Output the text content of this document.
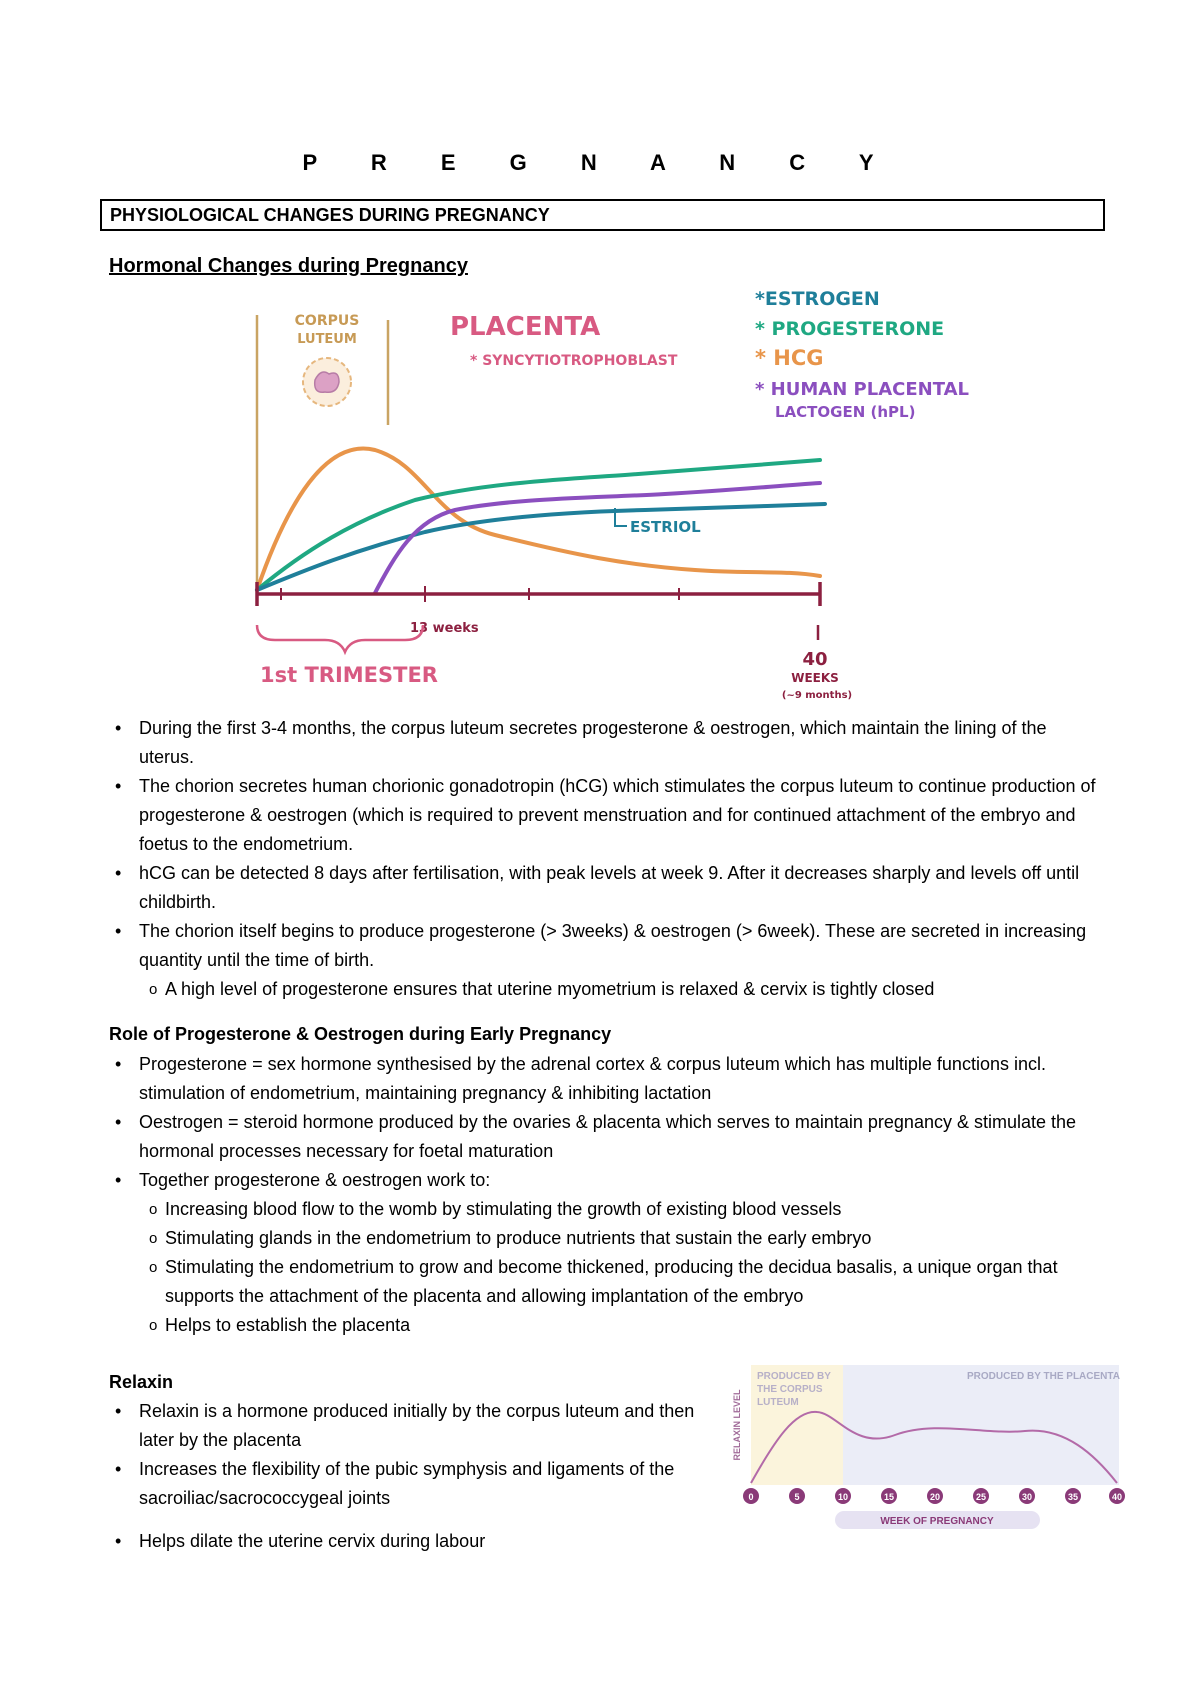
P R E G N A N C Y
PHYSIOLOGICAL CHANGES DURING PREGNANCY
Hormonal Changes during Pregnancy
CORPUS
LUTEUM	PLACENTA
* SYNCYTIOTROPHOBLAST
*ESTROGEN
* PROGESTERONE
* HCG
* HUMAN PLACENTAL
LACTOGEN (hPL)
ESTRIOL
13 weeks
1st TRIMESTER
40
WEEKS
(~9 months)
• During the first 3-4 months, the corpus luteum secretes progesterone & oestrogen, which maintain the lining of the uterus.
• The chorion secretes human chorionic gonadotropin (hCG) which stimulates the corpus luteum to continue production of progesterone & oestrogen (which is required to prevent menstruation and for continued attachment of the embryo and foetus to the endometrium.
• hCG can be detected 8 days after fertilisation, with peak levels at week 9. After it decreases sharply and levels off until childbirth.
• The chorion itself begins to produce progesterone (> 3weeks) & oestrogen (> 6week). These are secreted in increasing quantity until the time of birth.
o A high level of progesterone ensures that uterine myometrium is relaxed & cervix is tightly closed
Role of Progesterone & Oestrogen during Early Pregnancy
• Progesterone = sex hormone synthesised by the adrenal cortex & corpus luteum which has multiple functions incl. stimulation of endometrium, maintaining pregnancy & inhibiting lactation
• Oestrogen = steroid hormone produced by the ovaries & placenta which serves to maintain pregnancy & stimulate the hormonal processes necessary for foetal maturation
• Together progesterone & oestrogen work to:
o Increasing blood flow to the womb by stimulating the growth of existing blood vessels
o Stimulating glands in the endometrium to produce nutrients that sustain the early embryo
o Stimulating the endometrium to grow and become thickened, producing the decidua basalis, a unique organ that supports the attachment of the placenta and allowing implantation of the embryo
o Helps to establish the placenta
Relaxin
• Relaxin is a hormone produced initially by the corpus luteum and then later by the placenta
• Increases the flexibility of the pubic symphysis and ligaments of the sacroiliac/sacrococcygeal joints
• Helps dilate the uterine cervix during labour
PRODUCED BY
THE CORPUS
LUTEUM
PRODUCED BY THE PLACENTA
RELAXIN LEVEL
0	5	10	15	20	25	30	35	40
WEEK OF PREGNANCY
